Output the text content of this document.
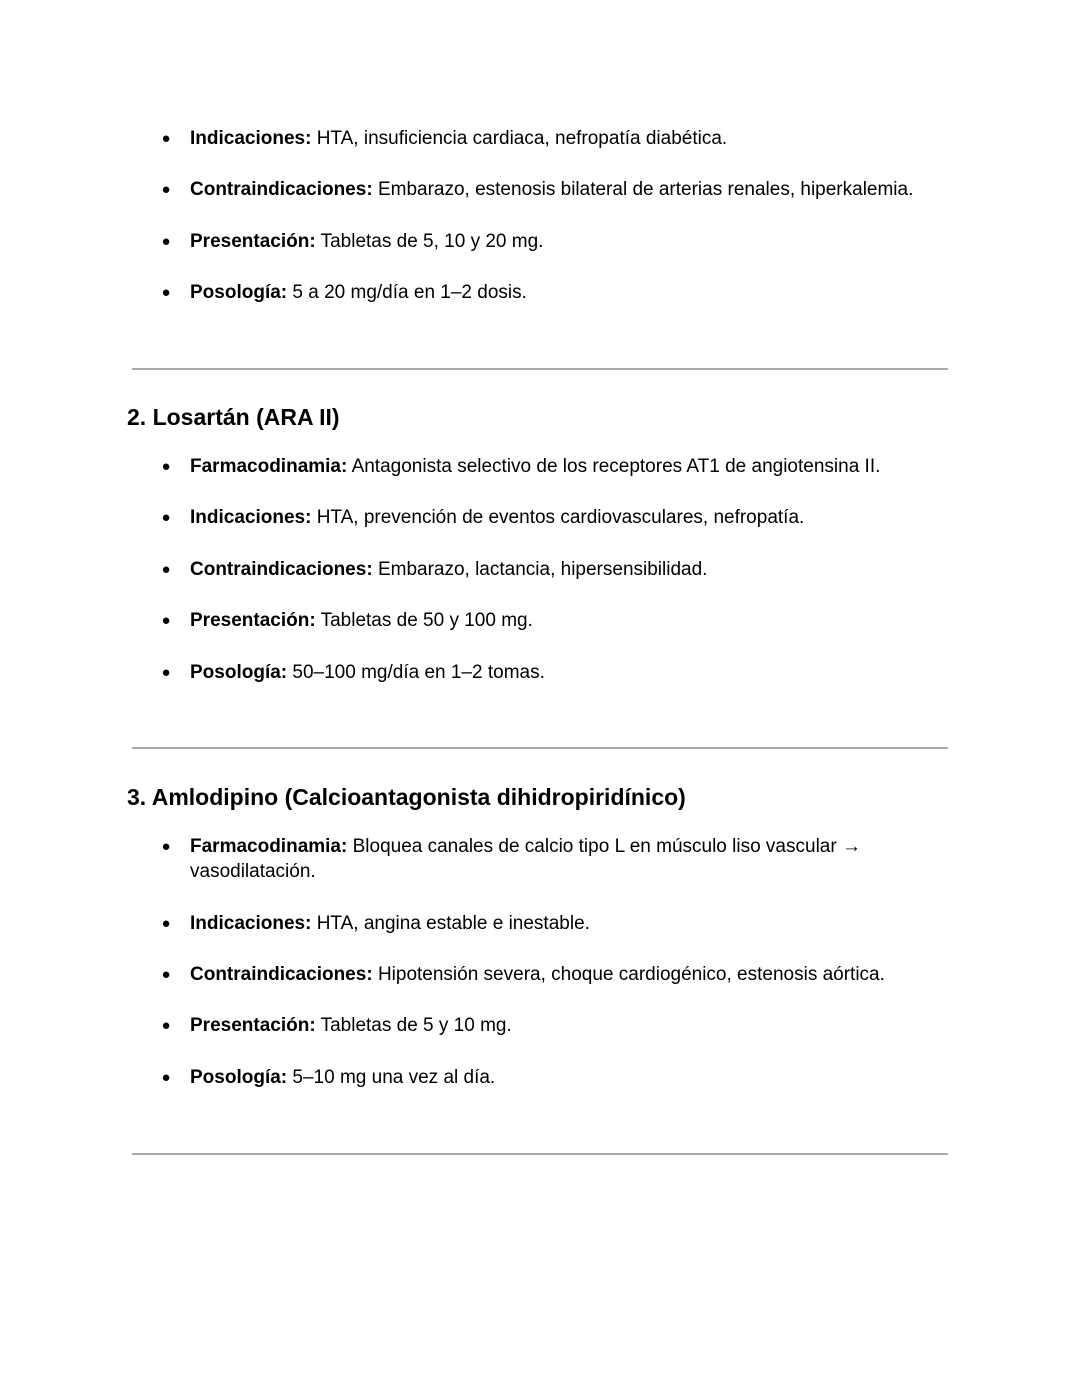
● Indicaciones: HTA, insuficiencia cardiaca, nefropatía diabética.
● Contraindicaciones: Embarazo, estenosis bilateral de arterias renales, hiperkalemia.
● Presentación: Tabletas de 5, 10 y 20 mg.
● Posología: 5 a 20 mg/día en 1–2 dosis.
2. Losartán (ARA II)
● Farmacodinamia: Antagonista selectivo de los receptores AT1 de angiotensina II.
● Indicaciones: HTA, prevención de eventos cardiovasculares, nefropatía.
● Contraindicaciones: Embarazo, lactancia, hipersensibilidad.
● Presentación: Tabletas de 50 y 100 mg.
● Posología: 50–100 mg/día en 1–2 tomas.
3. Amlodipino (Calcioantagonista dihidropiridínico)
● Farmacodinamia: Bloquea canales de calcio tipo L en músculo liso vascular → vasodilatación.
● Indicaciones: HTA, angina estable e inestable.
● Contraindicaciones: Hipotensión severa, choque cardiogénico, estenosis aórtica.
● Presentación: Tabletas de 5 y 10 mg.
● Posología: 5–10 mg una vez al día.
